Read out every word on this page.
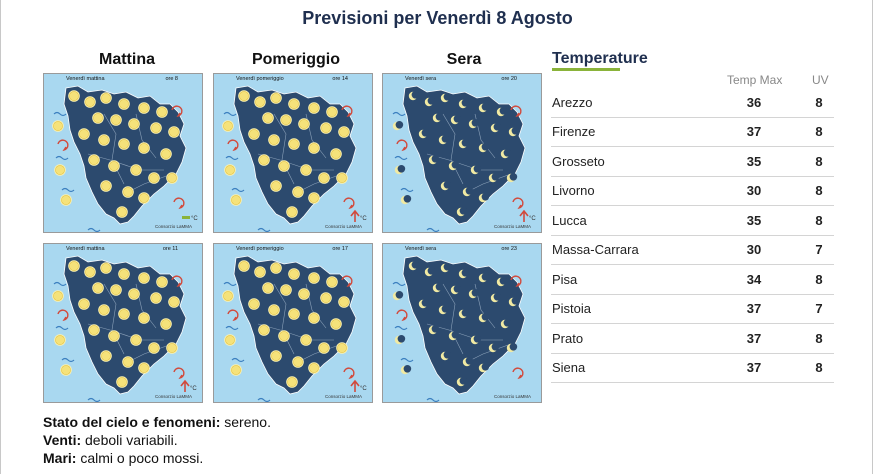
Previsioni per Venerdì 8 Agosto
Mattina	Pomeriggio	Sera
°C
Venerdì mattina	ore 8
Consorzio LaMMA
°C
Venerdì pomeriggio	ore 14
Consorzio LaMMA
°C
Venerdì sera	ore 20
Consorzio LaMMA
°C
Venerdì mattina	ore 11
Consorzio LaMMA
°C
Venerdì pomeriggio	ore 17
Consorzio LaMMA
Venerdì sera	ore 23
Consorzio LaMMA
Temperature
Temp Max UV
Arezzo	36	8
Firenze	37	8
Grosseto	35	8
Livorno	30	8
Lucca	35	8
Massa-Carrara	30	7
Pisa	34	8
Pistoia	37	7
Prato	37	8
Siena	37	8
Stato del cielo e fenomeni: sereno.
Venti: deboli variabili.
Mari: calmi o poco mossi.
